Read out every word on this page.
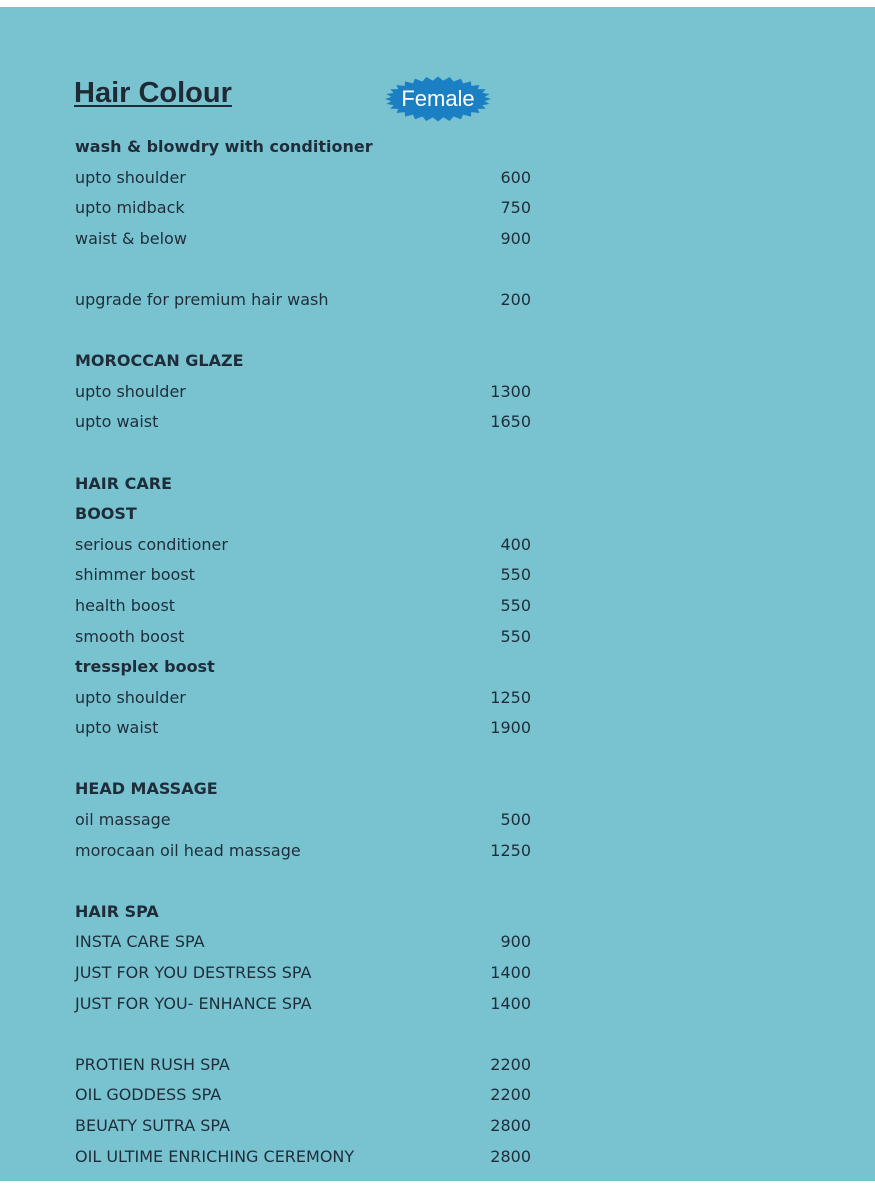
Hair Colour	Female
wash & blowdry with conditioner
upto shoulder	600
upto midback	750
waist & below	900
upgrade for premium hair wash	200
MOROCCAN GLAZE
upto shoulder	1300
upto waist	1650
HAIR CARE
BOOST
serious conditioner	400
shimmer boost	550
health boost	550
smooth boost	550
tressplex boost
upto shoulder	1250
upto waist	1900
HEAD MASSAGE
oil massage	500
morocaan oil head massage	1250
HAIR SPA
INSTA CARE SPA	900
JUST FOR YOU DESTRESS SPA	1400
JUST FOR YOU- ENHANCE SPA	1400
PROTIEN RUSH SPA	2200
OIL GODDESS SPA	2200
BEUATY SUTRA SPA	2800
OIL ULTIME ENRICHING CEREMONY	2800
